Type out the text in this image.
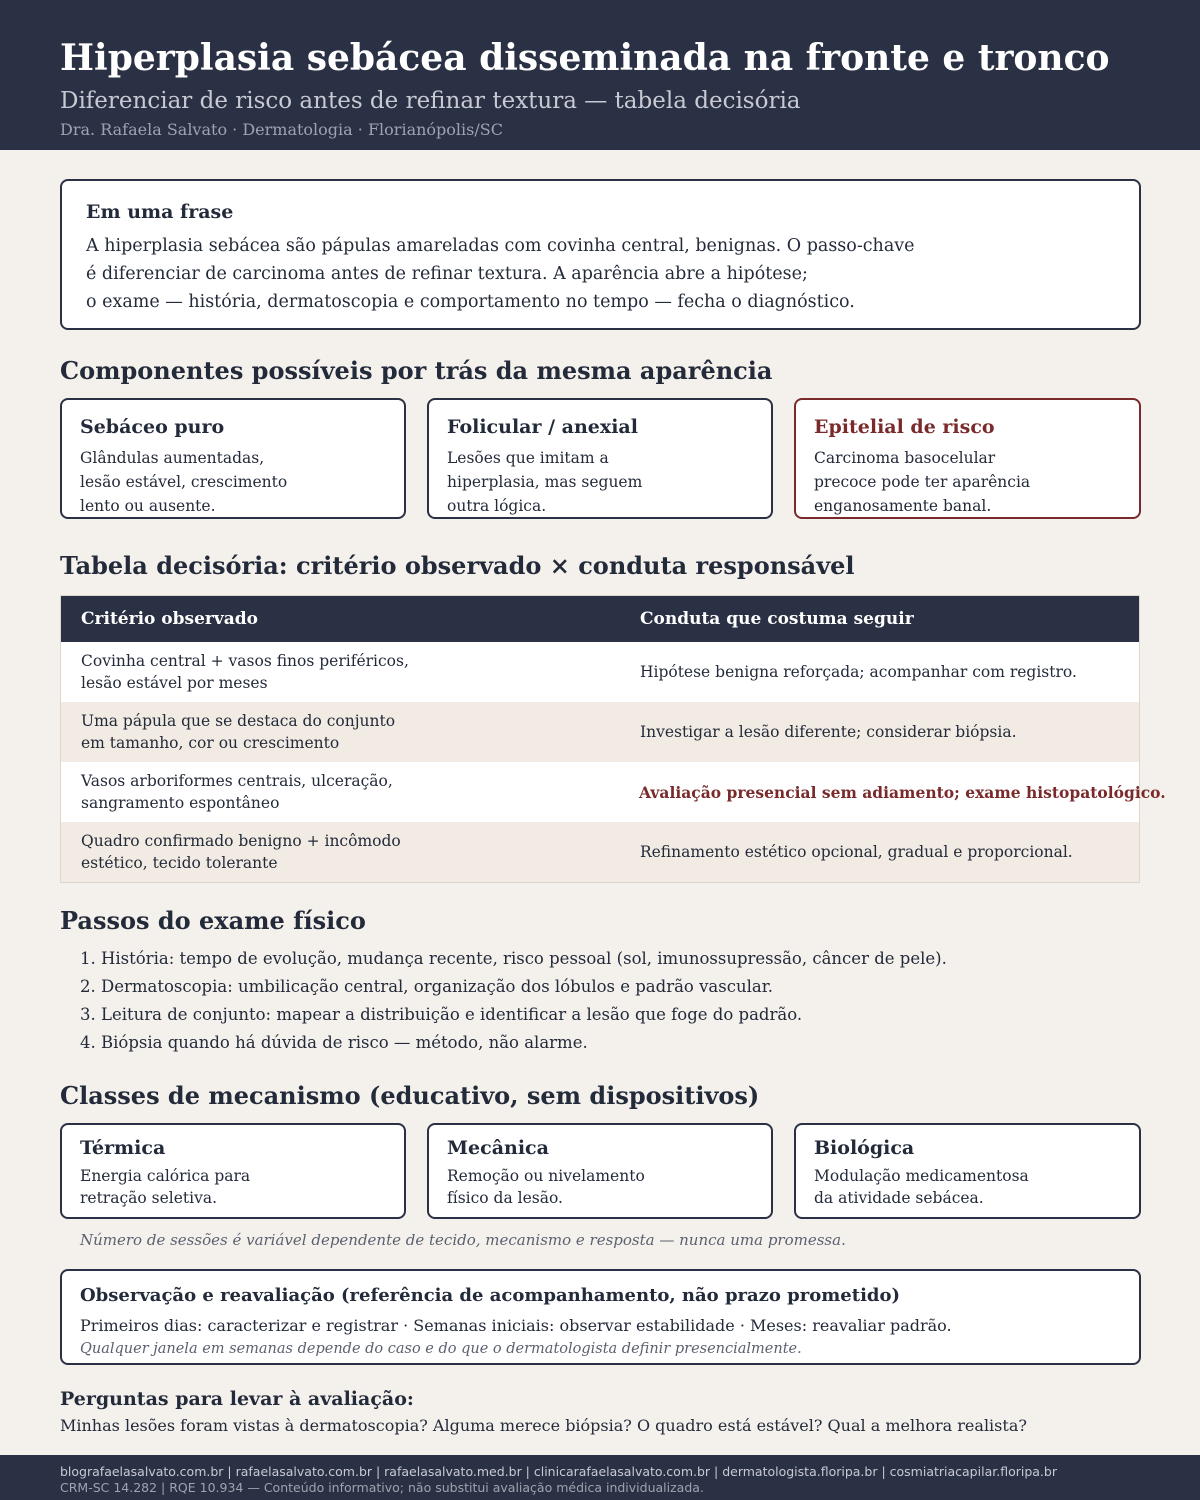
Hiperplasia sebácea disseminada na fronte e tronco
Diferenciar de risco antes de refinar textura — tabela decisória
Dra. Rafaela Salvato · Dermatologia · Florianópolis/SC
Em uma frase
A hiperplasia sebácea são pápulas amareladas com covinha central, benignas. O passo-chave
é diferenciar de carcinoma antes de refinar textura. A aparência abre a hipótese;
o exame — história, dermatoscopia e comportamento no tempo — fecha o diagnóstico.
Componentes possíveis por trás da mesma aparência
Sebáceo puro
Glândulas aumentadas,
lesão estável, crescimento
lento ou ausente.
Folicular / anexial
Lesões que imitam a
hiperplasia, mas seguem
outra lógica.
Epitelial de risco
Carcinoma basocelular
precoce pode ter aparência
enganosamente banal.
Tabela decisória: critério observado × conduta responsável
Critério observado	Conduta que costuma seguir
Covinha central + vasos finos periféricos,
lesão estável por meses
Hipótese benigna reforçada; acompanhar com registro.
Uma pápula que se destaca do conjunto
em tamanho, cor ou crescimento
Investigar a lesão diferente; considerar biópsia.
Vasos arboriformes centrais, ulceração,
sangramento espontâneo
Avaliação presencial sem adiamento; exame histopatológico.
Quadro confirmado benigno + incômodo
estético, tecido tolerante
Refinamento estético opcional, gradual e proporcional.
Passos do exame físico
1. História: tempo de evolução, mudança recente, risco pessoal (sol, imunossupressão, câncer de pele).
2. Dermatoscopia: umbilicação central, organização dos lóbulos e padrão vascular.
3. Leitura de conjunto: mapear a distribuição e identificar a lesão que foge do padrão.
4. Biópsia quando há dúvida de risco — método, não alarme.
Classes de mecanismo (educativo, sem dispositivos)
Térmica
Energia calórica para
retração seletiva.
Mecânica
Remoção ou nivelamento
físico da lesão.
Biológica
Modulação medicamentosa
da atividade sebácea.
Número de sessões é variável dependente de tecido, mecanismo e resposta — nunca uma promessa.
Observação e reavaliação (referência de acompanhamento, não prazo prometido)
Primeiros dias: caracterizar e registrar · Semanas iniciais: observar estabilidade · Meses: reavaliar padrão.
Qualquer janela em semanas depende do caso e do que o dermatologista definir presencialmente.
Perguntas para levar à avaliação:
Minhas lesões foram vistas à dermatoscopia? Alguma merece biópsia? O quadro está estável? Qual a melhora realista?
blografaelasalvato.com.br | rafaelasalvato.com.br | rafaelasalvato.med.br | clinicarafaelasalvato.com.br | dermatologista.floripa.br | cosmiatriacapilar.floripa.br
CRM-SC 14.282 | RQE 10.934 — Conteúdo informativo; não substitui avaliação médica individualizada.
